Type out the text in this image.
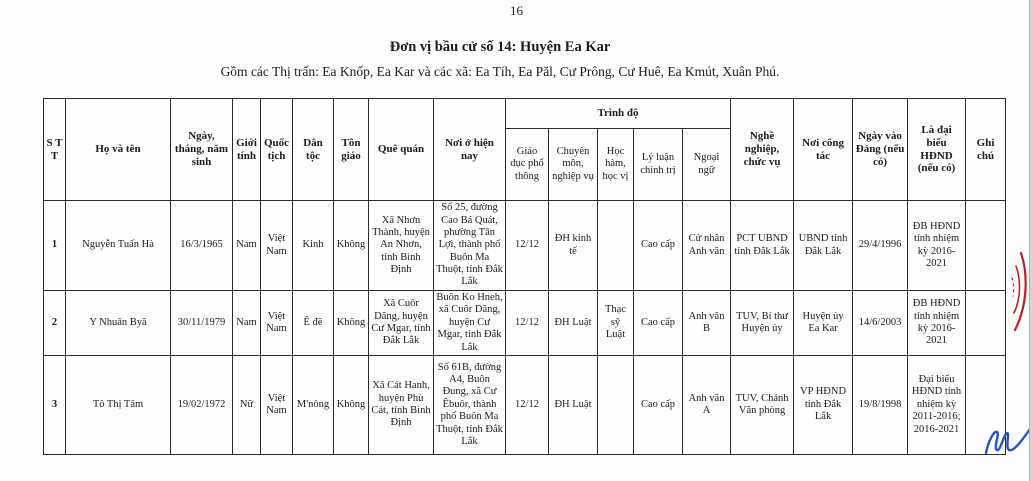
16
Đơn vị bầu cử số 14: Huyện Ea Kar
Gồm các Thị trấn: Ea Knốp, Ea Kar và các xã: Ea Tíh, Ea Păl, Cư Prông, Cư Huê, Ea Kmút, Xuân Phú.
S T T	Họ và tên	Ngày, tháng, năm sinh	Giới tính	Quốc tịch	Dân tộc	Tôn giáo	Quê quán	Nơi ở hiện nay	Trình độ					Nghề nghiệp, chức vụ	Nơi công tác	Ngày vào Đảng (nếu có)	Là đại biểu HĐND (nếu có)	Ghi chú
									Giáo dục phổ thông	Chuyên môn, nghiệp vụ	Học hàm, học vị	Lý luận chính trị	Ngoại ngữ					
1	Nguyễn Tuấn Hà	16/3/1965	Nam	Việt Nam	Kinh	Không	Xã Nhơn Thành, huyện An Nhơn, tỉnh Bình Định	Số 25, đường Cao Bá Quát, phường Tân Lợi, thành phố Buôn Ma Thuột, tỉnh Đắk Lắk	12/12	ĐH kinh tế		Cao cấp	Cử nhân Anh văn	PCT UBND tỉnh Đắk Lắk	UBND tỉnh Đắk Lắk	29/4/1996	ĐB HĐND tỉnh nhiệm kỳ 2016-2021	
2	Y Nhuân Byă	30/11/1979	Nam	Việt Nam	Ê đê	Không	Xã Cuôr Dăng, huyện Cư Mgar, tỉnh Đắk Lắk	Buôn Ko Hneh, xã Cuôr Dăng, huyện Cư Mgar, tỉnh Đắk Lắk	12/12	ĐH Luật	Thạc sỹ Luật	Cao cấp	Anh văn B	TUV, Bí thư Huyện ủy	Huyện ủy Ea Kar	14/6/2003	ĐB HĐND tỉnh nhiệm kỳ 2016-2021	
3	Tô Thị Tâm	19/02/1972	Nữ	Việt Nam	M'nông	Không	Xã Cát Hanh, huyện Phù Cát, tỉnh Bình Định	Số 61B, đường A4, Buôn Đung, xã Cư Êbuôr, thành phố Buôn Ma Thuột, tỉnh Đắk Lắk	12/12	ĐH Luật		Cao cấp	Anh văn A	TUV, Chánh Văn phòng	VP HĐND tỉnh Đắk Lắk	19/8/1998	Đại biểu HĐND tỉnh nhiệm kỳ 2011-2016; 2016-2021	
